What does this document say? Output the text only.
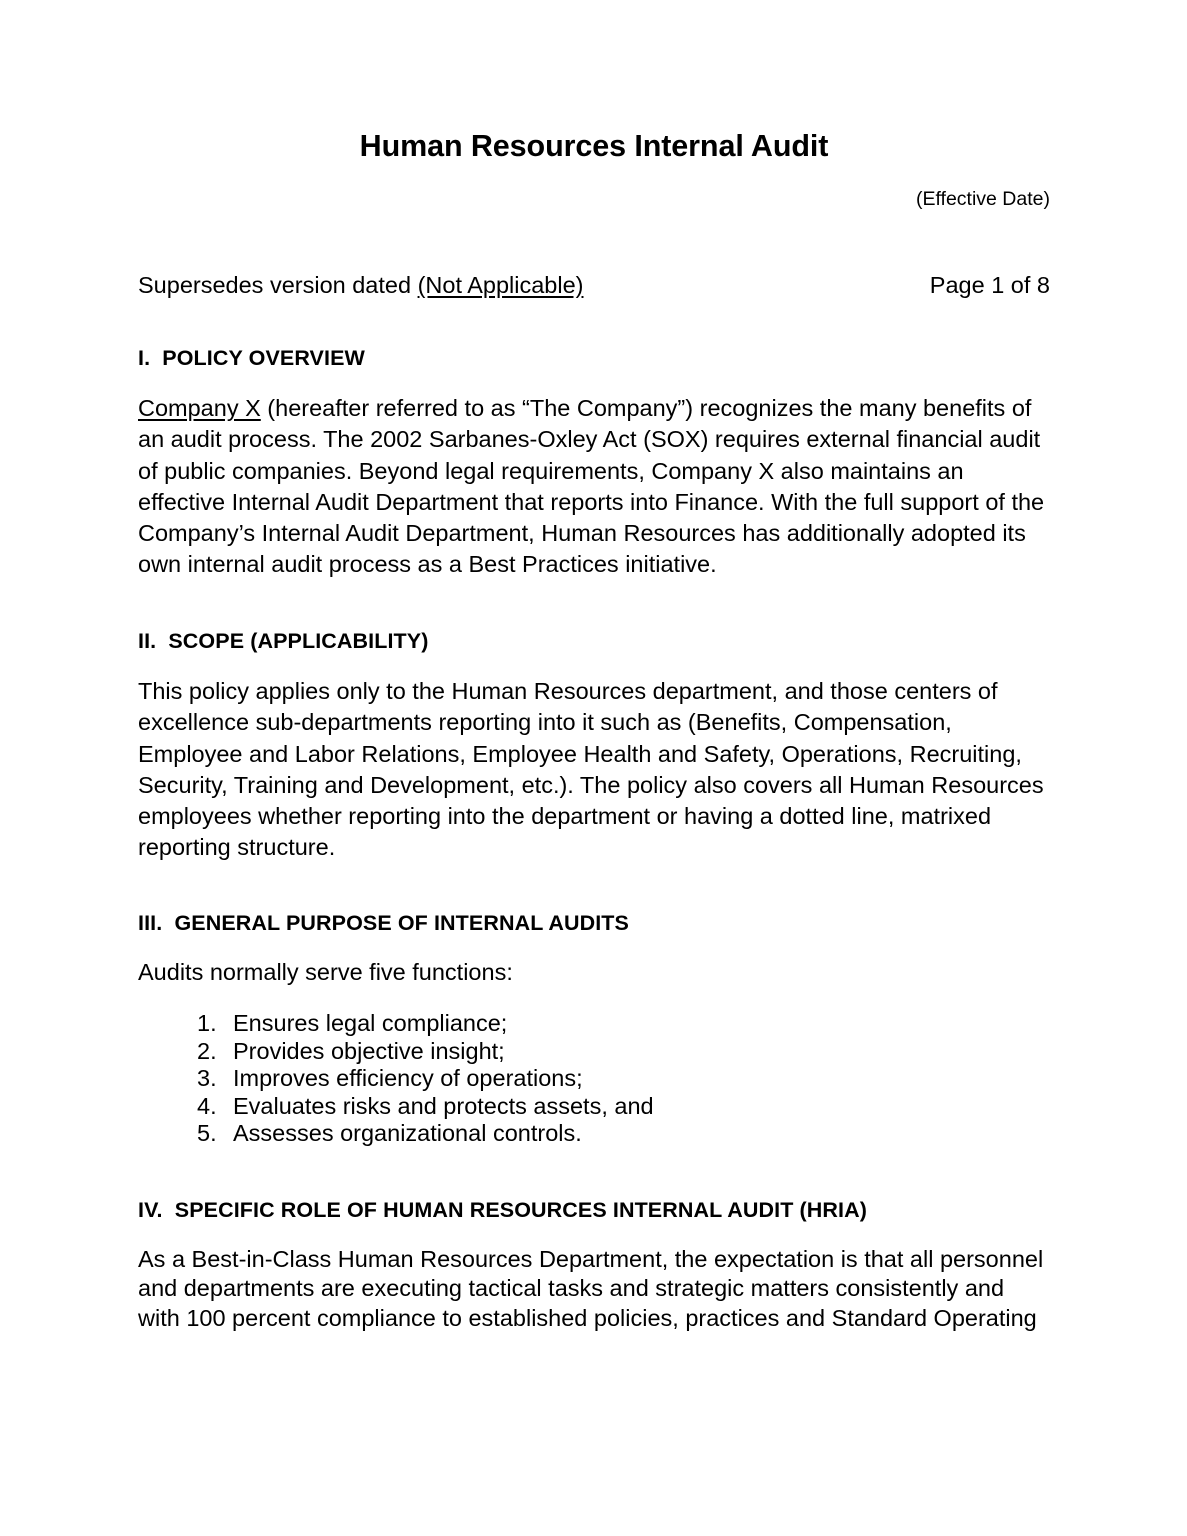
Human Resources Internal Audit
(Effective Date)
Supersedes version dated (Not Applicable)	Page 1 of 8
I.  POLICY OVERVIEW

Company X (hereafter referred to as “The Company”) recognizes the many benefits of an audit process. The 2002 Sarbanes-Oxley Act (SOX) requires external financial audit of public companies. Beyond legal requirements, Company X also maintains an effective Internal Audit Department that reports into Finance. With the full support of the Company’s Internal Audit Department, Human Resources has additionally adopted its own internal audit process as a Best Practices initiative.

II.  SCOPE (APPLICABILITY)

This policy applies only to the Human Resources department, and those centers of excellence sub-departments reporting into it such as (Benefits, Compensation, Employee and Labor Relations, Employee Health and Safety, Operations, Recruiting, Security, Training and Development, etc.). The policy also covers all Human Resources employees whether reporting into the department or having a dotted line, matrixed reporting structure.

III.  GENERAL PURPOSE OF INTERNAL AUDITS
Audits normally serve five functions:
1. Ensures legal compliance;
2. Provides objective insight;
3. Improves efficiency of operations;
4. Evaluates risks and protects assets, and
5. Assesses organizational controls.
IV.  SPECIFIC ROLE OF HUMAN RESOURCES INTERNAL AUDIT (HRIA)

As a Best-in-Class Human Resources Department, the expectation is that all personnel and departments are executing tactical tasks and strategic matters consistently and with 100 percent compliance to established policies, practices and Standard Operating
